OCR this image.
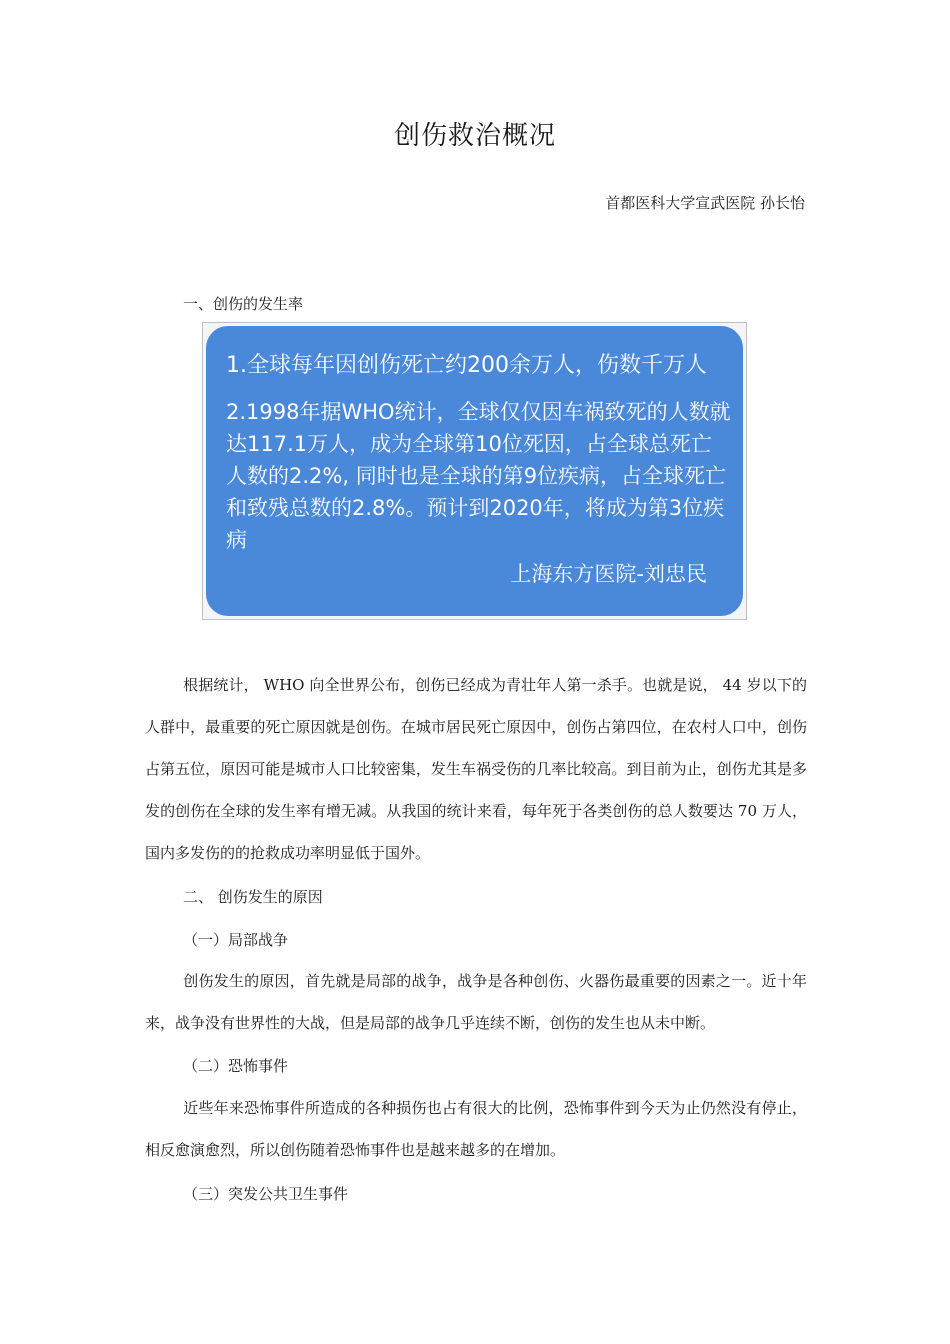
创伤救治概况
首都医科大学宣武医院 孙长怡
一、创伤的发生率
1.全球每年因创伤死亡约200余万人，伤数千万人
2.1998年据WHO统计，全球仅仅因车祸致死的人数就达117.1万人，成为全球第10位死因，占全球总死亡人数的2.2%, 同时也是全球的第9位疾病，占全球死亡和致残总数的2.8%。预计到2020年，将成为第3位疾病
上海东方医院-刘忠民
根据统计， WHO 向全世界公布，创伤已经成为青壮年人第一杀手。也就是说， 44 岁以下的人群中，最重要的死亡原因就是创伤。在城市居民死亡原因中，创伤占第四位，在农村人口中，创伤占第五位，原因可能是城市人口比较密集，发生车祸受伤的几率比较高。到目前为止，创伤尤其是多发的创伤在全球的发生率有增无减。从我国的统计来看，每年死于各类创伤的总人数要达 70 万人，国内多发伤的的抢救成功率明显低于国外。
二、 创伤发生的原因
（一）局部战争
创伤发生的原因，首先就是局部的战争，战争是各种创伤、火器伤最重要的因素之一。近十年来，战争没有世界性的大战，但是局部的战争几乎连续不断，创伤的发生也从未中断。
（二）恐怖事件
近些年来恐怖事件所造成的各种损伤也占有很大的比例，恐怖事件到今天为止仍然没有停止，相反愈演愈烈，所以创伤随着恐怖事件也是越来越多的在增加。
（三）突发公共卫生事件
